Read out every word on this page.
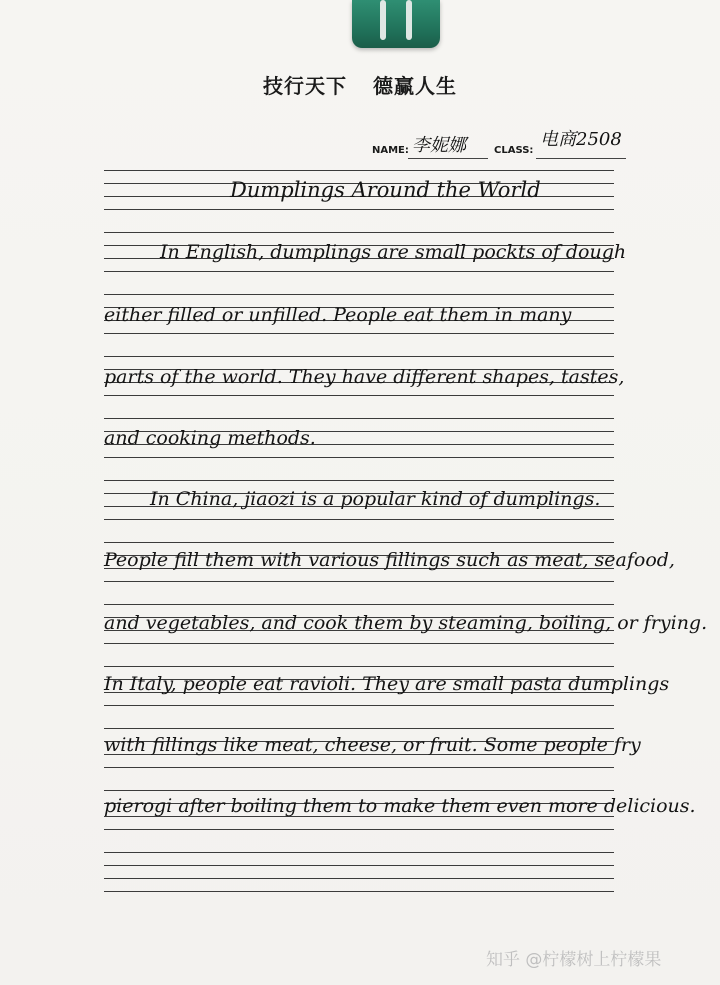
技行天下 德赢人生
NAME: 李妮娜	CLASS:
电商2508
Dumplings Around the World
In English, dumplings are small pockts of dough
either filled or unfilled. People eat them in many
parts of the world. They have different shapes, tastes,
and cooking methods.
In China, jiaozi is a popular kind of dumplings.
People fill them with various fillings such as meat, seafood,
and vegetables, and cook them by steaming, boiling, or frying.
In Italy, people eat ravioli. They are small pasta dumplings
with fillings like meat, cheese, or fruit. Some people fry
pierogi after boiling them to make them even more delicious.
知乎 @柠檬树上柠檬果
